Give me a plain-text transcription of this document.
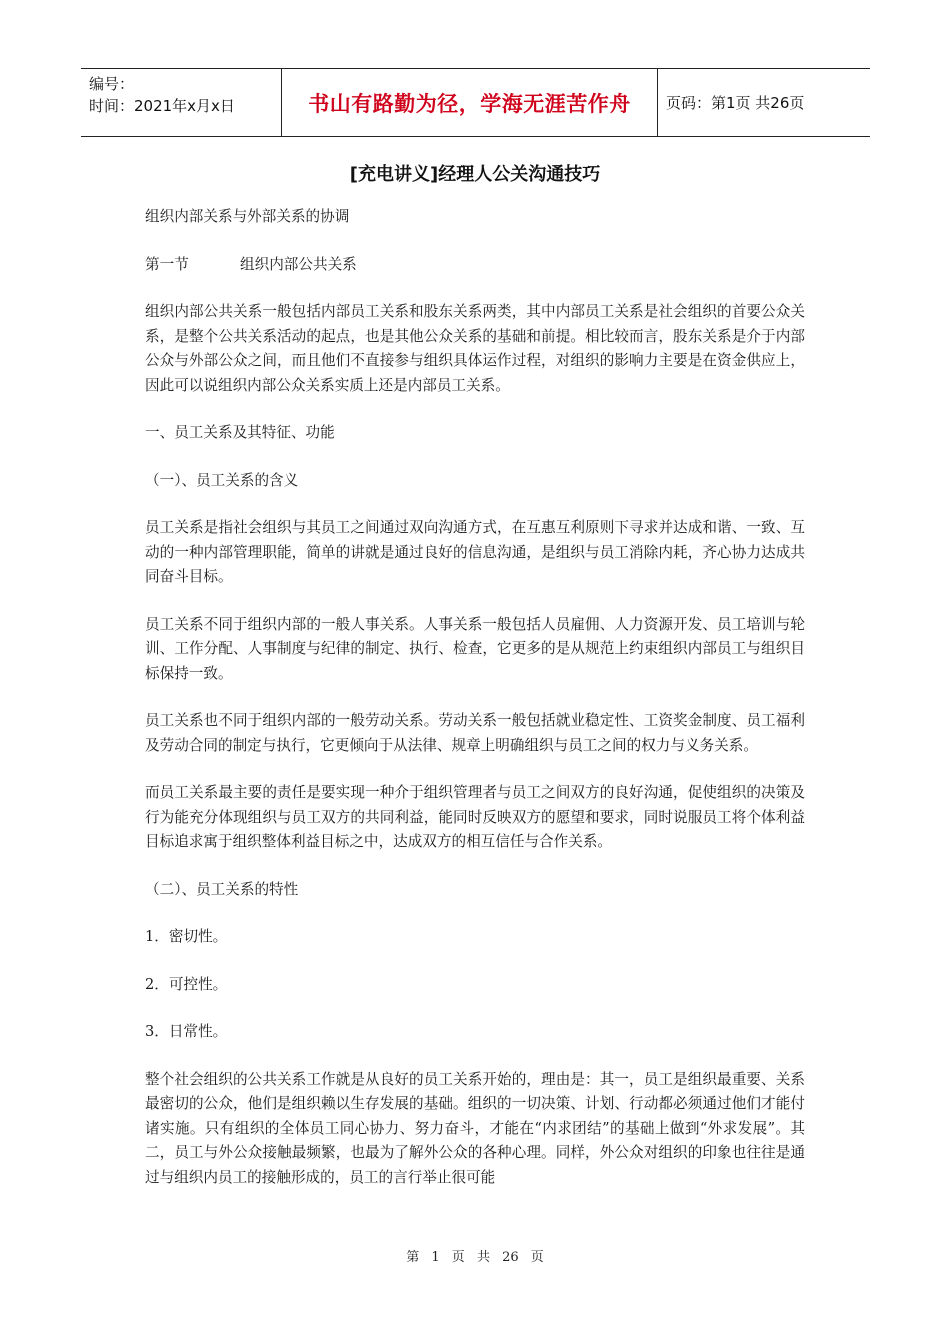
编号：
时间：2021年x月x日	书山有路勤为径，学海无涯苦作舟 页码：第1页 共26页
[充电讲义]经理人公关沟通技巧

组织内部关系与外部关系的协调

第一节	组织内部公共关系

组织内部公共关系一般包括内部员工关系和股东关系两类，其中内部员工关系是社会组织的首要公众关系，是整个公共关系活动的起点，也是其他公众关系的基础和前提。相比较而言，股东关系是介于内部公众与外部公众之间，而且他们不直接参与组织具体运作过程，对组织的影响力主要是在资金供应上，因此可以说组织内部公众关系实质上还是内部员工关系。

一、员工关系及其特征、功能

（一）、员工关系的含义

员工关系是指社会组织与其员工之间通过双向沟通方式，在互惠互利原则下寻求并达成和谐、一致、互动的一种内部管理职能，简单的讲就是通过良好的信息沟通，是组织与员工消除内耗，齐心协力达成共同奋斗目标。

员工关系不同于组织内部的一般人事关系。人事关系一般包括人员雇佣、人力资源开发、员工培训与轮训、工作分配、人事制度与纪律的制定、执行、检查，它更多的是从规范上约束组织内部员工与组织目标保持一致。

员工关系也不同于组织内部的一般劳动关系。劳动关系一般包括就业稳定性、工资奖金制度、员工福利及劳动合同的制定与执行，它更倾向于从法律、规章上明确组织与员工之间的权力与义务关系。

而员工关系最主要的责任是要实现一种介于组织管理者与员工之间双方的良好沟通，促使组织的决策及行为能充分体现组织与员工双方的共同利益，能同时反映双方的愿望和要求，同时说服员工将个体利益目标追求寓于组织整体利益目标之中，达成双方的相互信任与合作关系。

（二）、员工关系的特性

1．密切性。

2．可控性。

3．日常性。

整个社会组织的公共关系工作就是从良好的员工关系开始的，理由是：其一，员工是组织最重要、关系最密切的公众，他们是组织赖以生存发展的基础。组织的一切决策、计划、行动都必须通过他们才能付诸实施。只有组织的全体员工同心协力、努力奋斗，才能在“内求团结”的基础上做到“外求发展”。其二，员工与外公众接触最频繁，也最为了解外公众的各种心理。同样，外公众对组织的印象也往往是通过与组织内员工的接触形成的，员工的言行举止很可能

第 1 页 共 26 页
